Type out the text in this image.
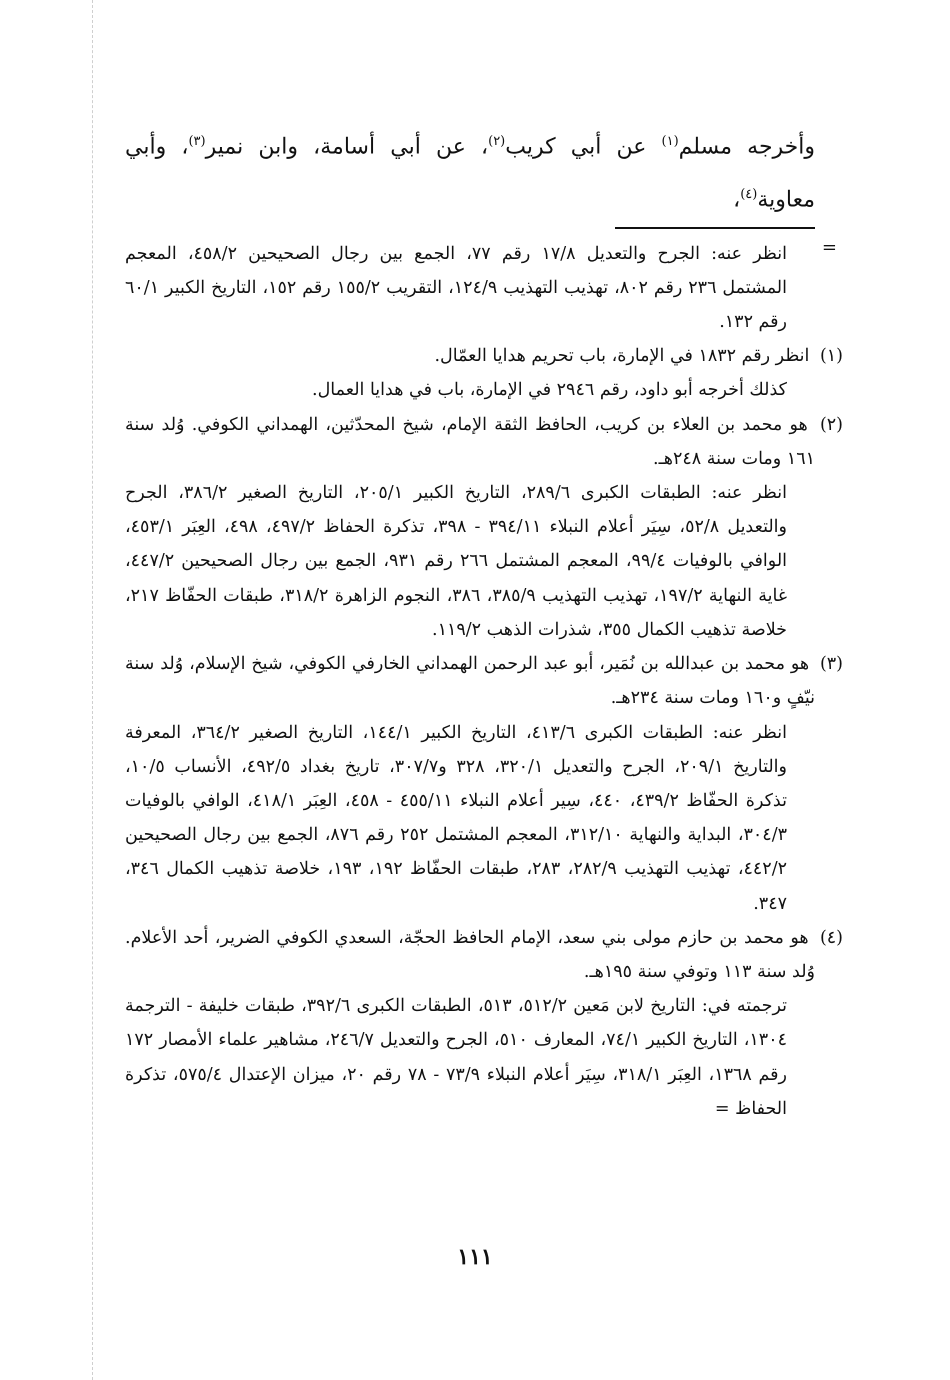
وأخرجه مسلم$^{(١)}$ عن أبي كريب$^{(٢)}$، عن أبي أسامة، وابن نمير$^{(٣)}$، وأبي معاوية$^{(٤)}$،

=

انظر عنه: الجرح والتعديل ١٧/٨ رقم ٧٧، الجمع بين رجال الصحيحين ٤٥٨/٢، المعجم المشتمل ٢٣٦ رقم ٨٠٢، تهذيب التهذيب ١٢٤/٩، التقريب ١٥٥/٢ رقم ١٥٢، التاريخ الكبير ٦٠/١ رقم ١٣٢.

(١) انظر رقم ١٨٣٢ في الإمارة، باب تحريم هدايا العمّال.

كذلك أخرجه أبو داود، رقم ٢٩٤٦ في الإمارة، باب في هدايا العمال.

(٢) هو محمد بن العلاء بن كريب، الحافظ الثقة الإمام، شيخ المحدّثين، الهمداني الكوفي. وُلد سنة ١٦١ ومات سنة ٢٤٨هـ.

انظر عنه: الطبقات الكبرى ٢٨٩/٦، التاريخ الكبير ٢٠٥/١، التاريخ الصغير ٣٨٦/٢، الجرح والتعديل ٥٢/٨، سِيَر أعلام النبلاء ٣٩٤/١١ - ٣٩٨، تذكرة الحفاظ ٤٩٧/٢، ٤٩٨، العِبَر ٤٥٣/١، الوافي بالوفيات ٩٩/٤، المعجم المشتمل ٢٦٦ رقم ٩٣١، الجمع بين رجال الصحيحين ٤٤٧/٢، غاية النهاية ١٩٧/٢، تهذيب التهذيب ٣٨٥/٩، ٣٨٦، النجوم الزاهرة ٣١٨/٢، طبقات الحفّاظ ٢١٧، خلاصة تذهيب الكمال ٣٥٥، شذرات الذهب ١١٩/٢.

(٣) هو محمد بن عبدالله بن نُمَير، أبو عبد الرحمن الهمداني الخارفي الكوفي، شيخ الإسلام، وُلد سنة نيّفٍ و١٦٠ ومات سنة ٢٣٤هـ.

انظر عنه: الطبقات الكبرى ٤١٣/٦، التاريخ الكبير ١٤٤/١، التاريخ الصغير ٣٦٤/٢، المعرفة والتاريخ ٢٠٩/١، الجرح والتعديل ٣٢٠/١، ٣٢٨ و٣٠٧/٧، تاريخ بغداد ٤٩٢/٥، الأنساب ١٠/٥، تذكرة الحفّاظ ٤٣٩/٢، ٤٤٠، سِير أعلام النبلاء ٤٥٥/١١ - ٤٥٨، العِبَر ٤١٨/١، الوافي بالوفيات ٣٠٤/٣، البداية والنهاية ٣١٢/١٠، المعجم المشتمل ٢٥٢ رقم ٨٧٦، الجمع بين رجال الصحيحين ٤٤٢/٢، تهذيب التهذيب ٢٨٢/٩، ٢٨٣، طبقات الحفّاظ ١٩٢، ١٩٣، خلاصة تذهيب الكمال ٣٤٦، ٣٤٧.

(٤) هو محمد بن حازم مولى بني سعد، الإمام الحافظ الحجّة، السعدي الكوفي الضرير، أحد الأعلام. وُلد سنة ١١٣ وتوفي سنة ١٩٥هـ.

ترجمته في: التاريخ لابن مَعين ٥١٢/٢، ٥١٣، الطبقات الكبرى ٣٩٢/٦، طبقات خليفة - الترجمة ١٣٠٤، التاريخ الكبير ٧٤/١، المعارف ٥١٠، الجرح والتعديل ٢٤٦/٧، مشاهير علماء الأمصار ١٧٢ رقم ١٣٦٨، العِبَر ٣١٨/١، سِيَر أعلام النبلاء ٧٣/٩ - ٧٨ رقم ٢٠، ميزان الإعتدال ٥٧٥/٤، تذكرة الحفاظ =

١١١
